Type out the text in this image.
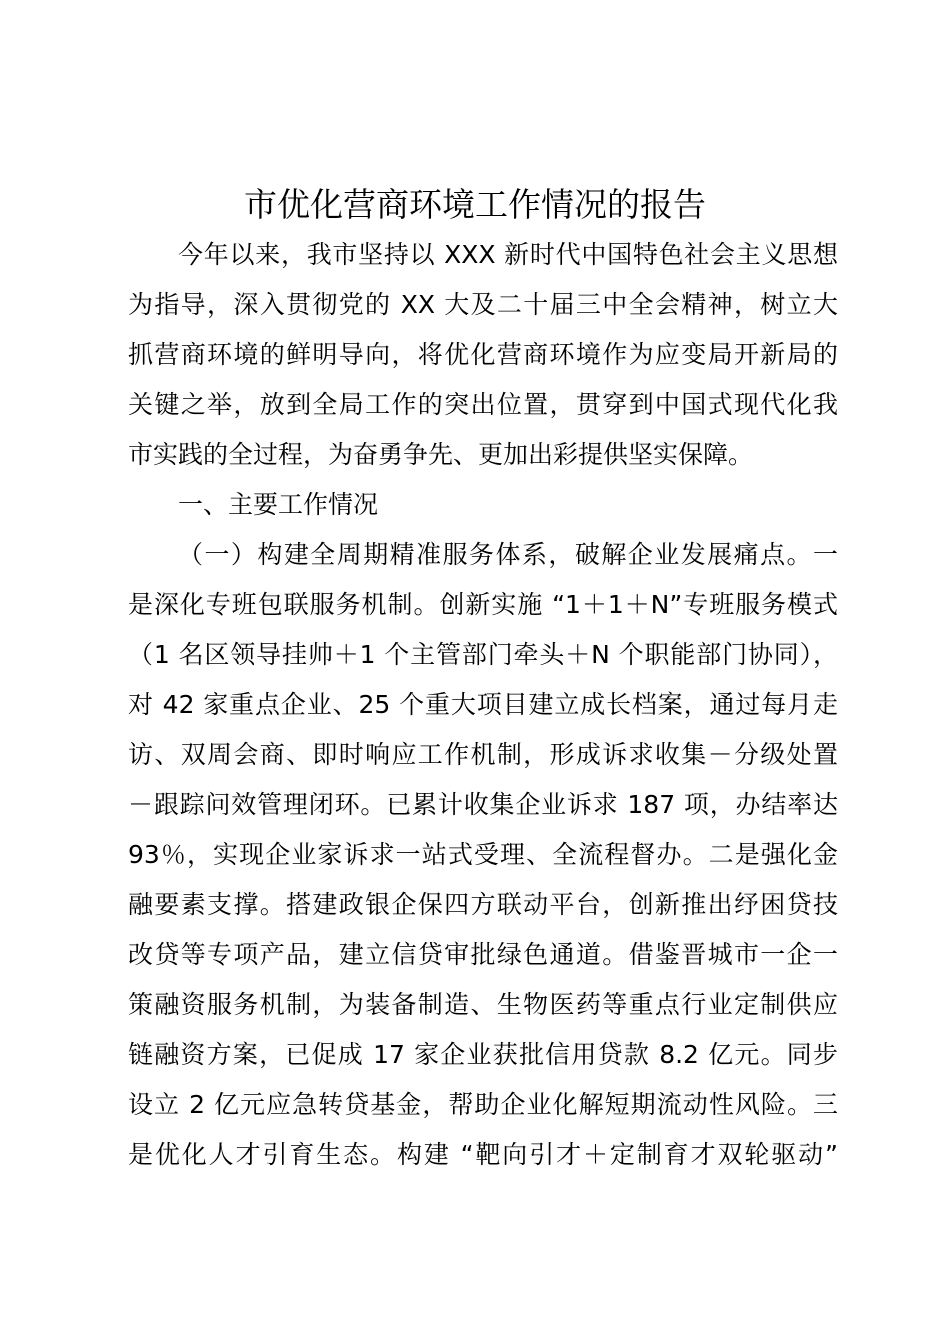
市优化营商环境工作情况的报告
今年以来，我市坚持以 XXX 新时代中国特色社会主义思想
为指导，深入贯彻党的 XX 大及二十届三中全会精神，树立大
抓营商环境的鲜明导向，将优化营商环境作为应变局开新局的
关键之举，放到全局工作的突出位置，贯穿到中国式现代化我
市实践的全过程，为奋勇争先、更加出彩提供坚实保障。
一、主要工作情况
（一）构建全周期精准服务体系，破解企业发展痛点。一
是深化专班包联服务机制。创新实施 “1＋1＋N”专班服务模式
（1 名区领导挂帅＋1 个主管部门牵头＋N 个职能部门协同），
对 42 家重点企业、25 个重大项目建立成长档案，通过每月走
访、双周会商、即时响应工作机制，形成诉求收集－分级处置
－跟踪问效管理闭环。已累计收集企业诉求 187 项，办结率达
93％，实现企业家诉求一站式受理、全流程督办。二是强化金
融要素支撑。搭建政银企保四方联动平台，创新推出纾困贷技
改贷等专项产品，建立信贷审批绿色通道。借鉴晋城市一企一
策融资服务机制，为装备制造、生物医药等重点行业定制供应
链融资方案，已促成 17 家企业获批信用贷款 8.2 亿元。同步
设立 2 亿元应急转贷基金，帮助企业化解短期流动性风险。三
是优化人才引育生态。构建 “靶向引才＋定制育才双轮驱动”
